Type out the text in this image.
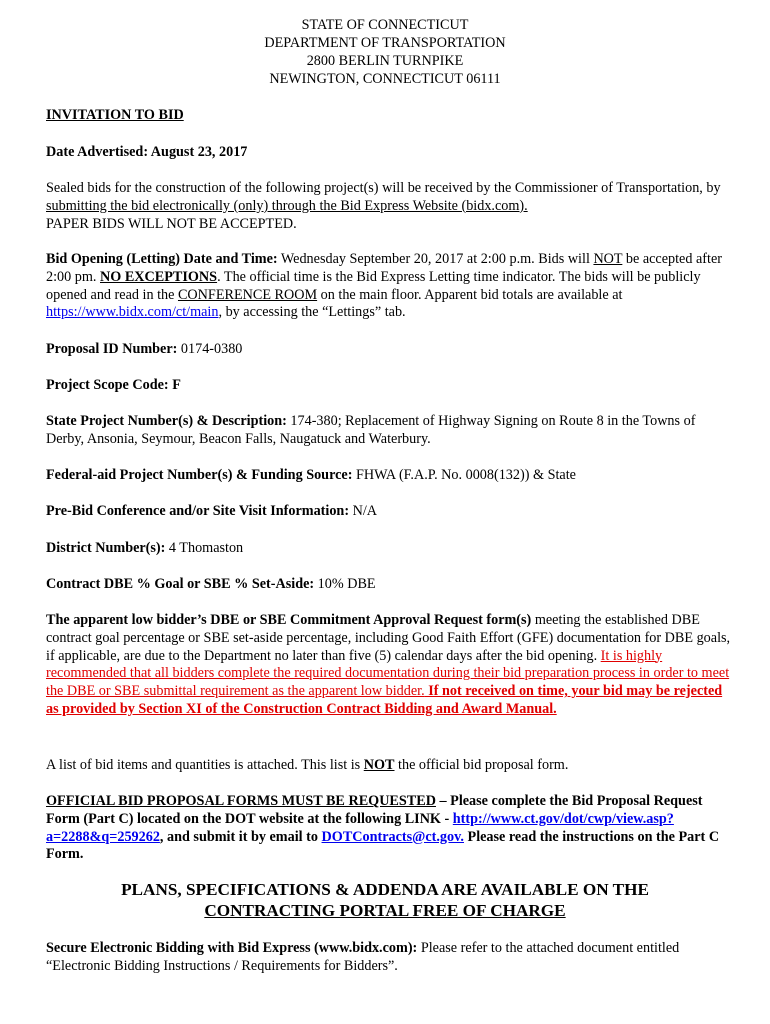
STATE OF CONNECTICUT
DEPARTMENT OF TRANSPORTATION
2800 BERLIN TURNPIKE
NEWINGTON, CONNECTICUT 06111

INVITATION TO BID

Date Advertised: August 23, 2017

Sealed bids for the construction of the following project(s) will be received by the Commissioner of Transportation, by submitting the bid electronically (only) through the Bid Express Website (bidx.com).
PAPER BIDS WILL NOT BE ACCEPTED.

Bid Opening (Letting) Date and Time: Wednesday September 20, 2017 at 2:00 p.m. Bids will NOT be accepted after 2:00 pm. NO EXCEPTIONS. The official time is the Bid Express Letting time indicator. The bids will be publicly opened and read in the CONFERENCE ROOM on the main floor. Apparent bid totals are available at https://www.bidx.com/ct/main, by accessing the “Lettings” tab.

Proposal ID Number: 0174-0380

Project Scope Code: F

State Project Number(s) & Description: 174-380; Replacement of Highway Signing on Route 8 in the Towns of Derby, Ansonia, Seymour, Beacon Falls, Naugatuck and Waterbury.

Federal-aid Project Number(s) & Funding Source: FHWA (F.A.P. No. 0008(132)) & State

Pre-Bid Conference and/or Site Visit Information: N/A

District Number(s): 4 Thomaston

Contract DBE % Goal or SBE % Set-Aside: 10% DBE

The apparent low bidder’s DBE or SBE Commitment Approval Request form(s) meeting the established DBE contract goal percentage or SBE set-aside percentage, including Good Faith Effort (GFE) documentation for DBE goals, if applicable, are due to the Department no later than five (5) calendar days after the bid opening. It is highly recommended that all bidders complete the required documentation during their bid preparation process in order to meet the DBE or SBE submittal requirement as the apparent low bidder. If not received on time, your bid may be rejected as provided by Section XI of the Construction Contract Bidding and Award Manual.

A list of bid items and quantities is attached. This list is NOT the official bid proposal form.

OFFICIAL BID PROPOSAL FORMS MUST BE REQUESTED – Please complete the Bid Proposal Request Form (Part C) located on the DOT website at the following LINK - http://www.ct.gov/dot/cwp/view.asp?a=2288&q=259262, and submit it by email to DOTContracts@ct.gov. Please read the instructions on the Part C Form.

PLANS, SPECIFICATIONS & ADDENDA ARE AVAILABLE ON THE
CONTRACTING PORTAL FREE OF CHARGE

Secure Electronic Bidding with Bid Express (www.bidx.com): Please refer to the attached document entitled “Electronic Bidding Instructions / Requirements for Bidders”.
